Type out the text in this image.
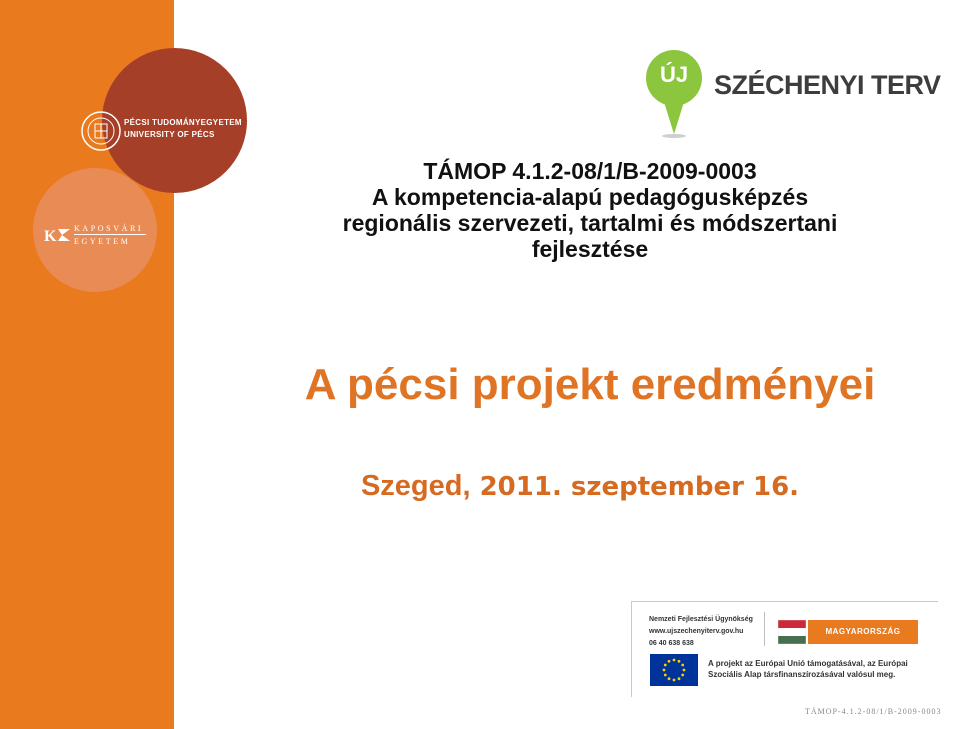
PÉCSI TUDOMÁNYEGYETEM
UNIVERSITY OF PÉCS
K KAPOSVÁRI
EGYETEM
ÚJ SZÉCHENYI TERV
TÁMOP 4.1.2-08/1/B-2009-0003
A kompetencia-alapú pedagógusképzés
regionális szervezeti, tartalmi és módszertani
fejlesztése
A pécsi projekt eredményei
Szeged, 2011. szeptember 16.
Nemzeti Fejlesztési Ügynökség
www.ujszechenyiterv.gov.hu
06 40 638 638
MAGYARORSZÁG MEGÚJUL
A projekt az Európai Unió támogatásával, az Európai Szociális Alap társfinanszírozásával valósul meg.
TÁMOP-4.1.2-08/1/B-2009-0003
